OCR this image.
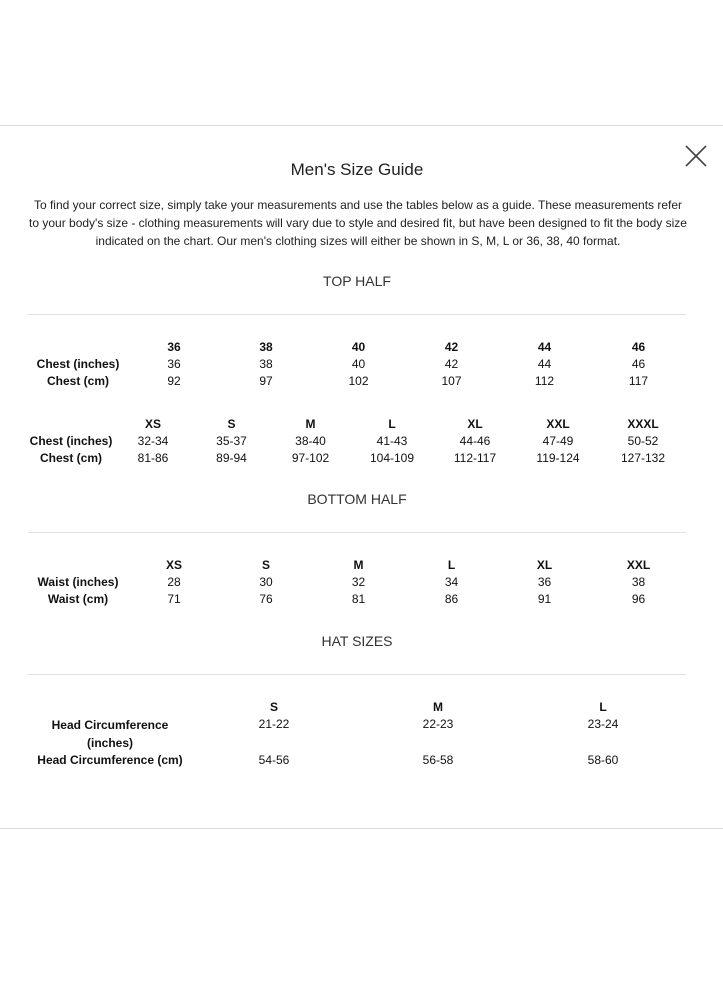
Men's Size Guide
To find your correct size, simply take your measurements and use the tables below as a guide. These measurements refer to your body's size - clothing measurements will vary due to style and desired fit, but have been designed to fit the body size indicated on the chart. Our men's clothing sizes will either be shown in S, M, L or 36, 38, 40 format.
TOP HALF
	36	38	40	42	44	46
Chest (inches)	36	38	40	42	44	46
Chest (cm)	92	97	102	107	112	117
	XS	S	M	L	XL	XXL	XXXL
Chest (inches)	32-34	35-37	38-40	41-43	44-46	47-49	50-52
Chest (cm)	81-86	89-94	97-102	104-109	112-117	119-124	127-132
BOTTOM HALF
	XS	S	M	L	XL	XXL
Waist (inches)	28	30	32	34	36	38
Waist (cm)	71	76	81	86	91	96
HAT SIZES
	S	M	L
Head Circumference (inches)	21-22	22-23	23-24
Head Circumference (cm)	54-56	56-58	58-60
